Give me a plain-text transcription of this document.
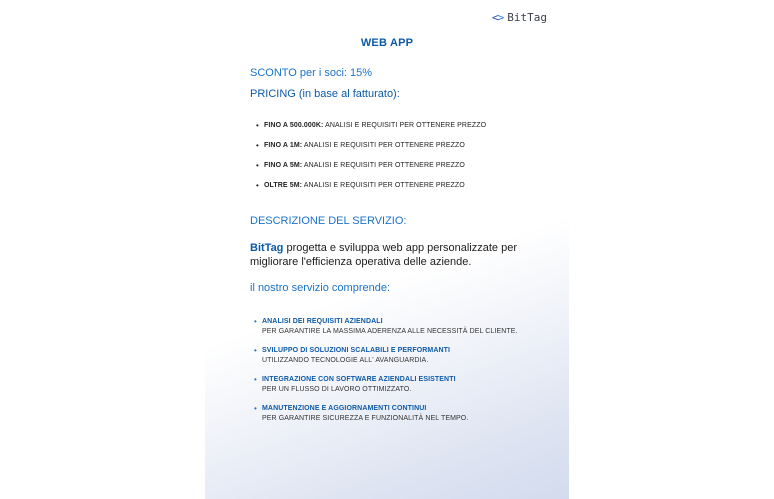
<> BitTag
WEB APP
SCONTO per i soci: 15%
PRICING (in base al fatturato):
• FINO A 500.000K: ANALISI E REQUISITI PER OTTENERE PREZZO
• FINO A 1M: ANALISI E REQUISITI PER OTTENERE PREZZO
• FINO A 5M: ANALISI E REQUISITI PER OTTENERE PREZZO
• OLTRE 5M: ANALISI E REQUISITI PER OTTENERE PREZZO
DESCRIZIONE DEL SERVIZIO:
BitTag progetta e sviluppa web app personalizzate per migliorare l'efficienza operativa delle aziende.
il nostro servizio comprende:
• ANALISI DEI REQUISITI AZIENDALI
PER GARANTIRE LA MASSIMA ADERENZA ALLE NECESSITÀ DEL CLIENTE.
• SVILUPPO DI SOLUZIONI SCALABILI E PERFORMANTI
UTILIZZANDO TECNOLOGIE ALL' AVANGUARDIA.
• INTEGRAZIONE CON SOFTWARE AZIENDALI ESISTENTI
PER UN FLUSSO DI LAVORO OTTIMIZZATO.
• MANUTENZIONE E AGGIORNAMENTI CONTINUI
PER GARANTIRE SICUREZZA E FUNZIONALITÀ NEL TEMPO.
